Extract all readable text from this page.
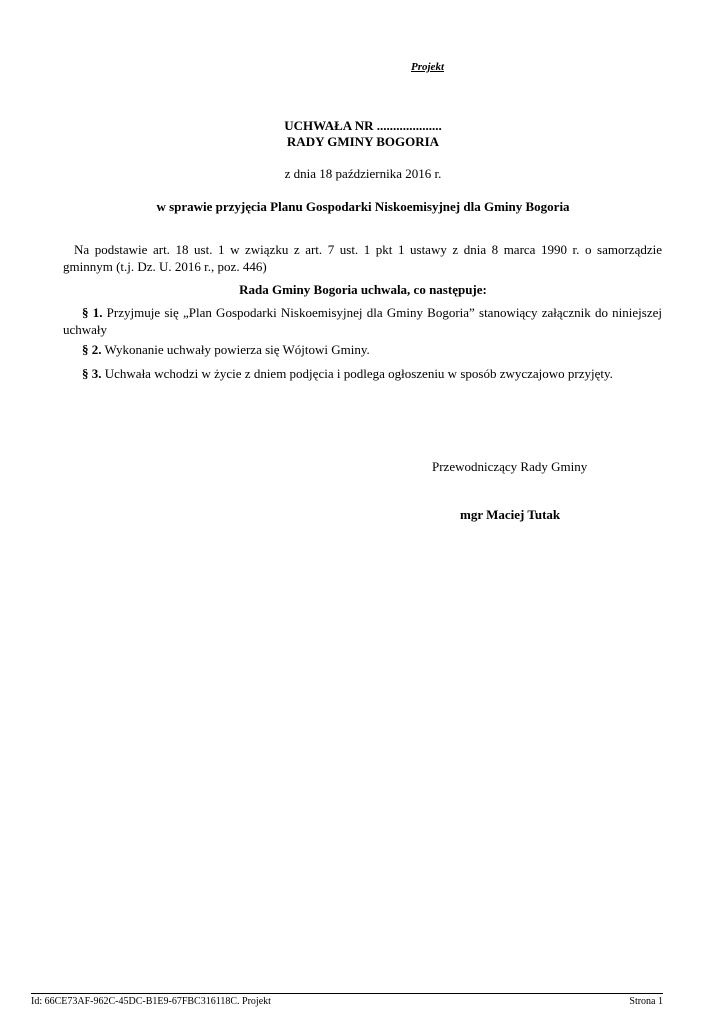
Projekt
UCHWAŁA NR ....................
RADY GMINY BOGORIA
z dnia 18 października 2016 r.
w sprawie przyjęcia Planu Gospodarki Niskoemisyjnej dla Gminy Bogoria
Na podstawie art. 18 ust. 1 w związku z art. 7 ust. 1 pkt 1 ustawy z dnia 8 marca 1990 r. o samorządzie gminnym (t.j. Dz. U. 2016 r., poz. 446)
Rada Gminy Bogoria uchwala, co następuje:
§ 1. Przyjmuje się „Plan Gospodarki Niskoemisyjnej dla Gminy Bogoria” stanowiący załącznik do niniejszej uchwały
§ 2. Wykonanie uchwały powierza się Wójtowi Gminy.
§ 3. Uchwała wchodzi w życie z dniem podjęcia i podlega ogłoszeniu w sposób zwyczajowo przyjęty.
Przewodniczący Rady Gminy
mgr Maciej Tutak
Id: 66CE73AF-962C-45DC-B1E9-67FBC316118C. Projekt	Strona 1
